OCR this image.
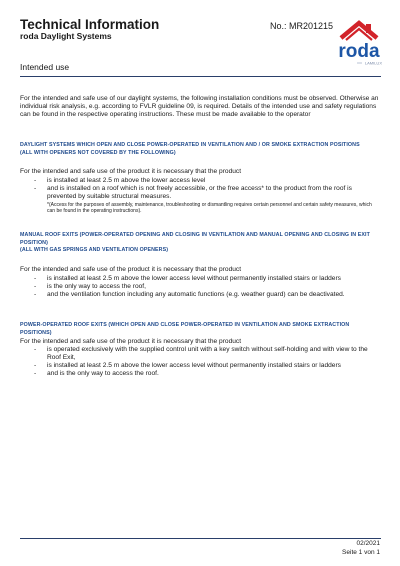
Technical Information
roda Daylight Systems
No.: MR201215
roda
LAMILUX
Intended use
For the intended and safe use of our daylight systems, the following installation conditions must be observed. Otherwise an individual risk analysis, e.g. according to FVLR guideline 09, is required. Details of the intended use and safety regulations can be found in the respective operating instructions. These must be made available to the operator
DAYLIGHT SYSTEMS WHICH OPEN AND CLOSE POWER-OPERATED IN VENTILATION AND / OR SMOKE EXTRACTION POSITIONS
(ALL WITH OPENERS NOT COVERED BY THE FOLLOWING)
For the intended and safe use of the product it is necessary that the product
- is installed at least 2.5 m above the lower access level
- and is installed on a roof which is not freely accessible, or the free access* to the product from the roof is prevented by suitable structural measures.
*(Access for the purposes of assembly, maintenance, troubleshooting or dismantling requires certain personnel and certain safety measures, which can be found in the operating instructions).
MANUAL ROOF EXITS (POWER-OPERATED OPENING AND CLOSING IN VENTILATION AND MANUAL OPENING AND CLOSING IN EXIT POSITION)
(ALL WITH GAS SPRINGS AND VENTILATION OPENERS)
For the intended and safe use of the product it is necessary that the product
- is installed at least 2.5 m above the lower access level without permanently installed stairs or ladders
- is the only way to access the roof,
- and the ventilation function including any automatic functions (e.g. weather guard) can be deactivated.
POWER-OPERATED ROOF EXITS (WHICH OPEN AND CLOSE POWER-OPERATED IN VENTILATION AND SMOKE EXTRACTION POSITIONS)
For the intended and safe use of the product it is necessary that the product
- is operated exclusively with the supplied control unit with a key switch without self-holding and with view to the Roof Exit,
- is installed at least 2.5 m above the lower access level without permanently installed stairs or ladders
- and is the only way to access the roof.
02/2021
Seite 1 von 1
